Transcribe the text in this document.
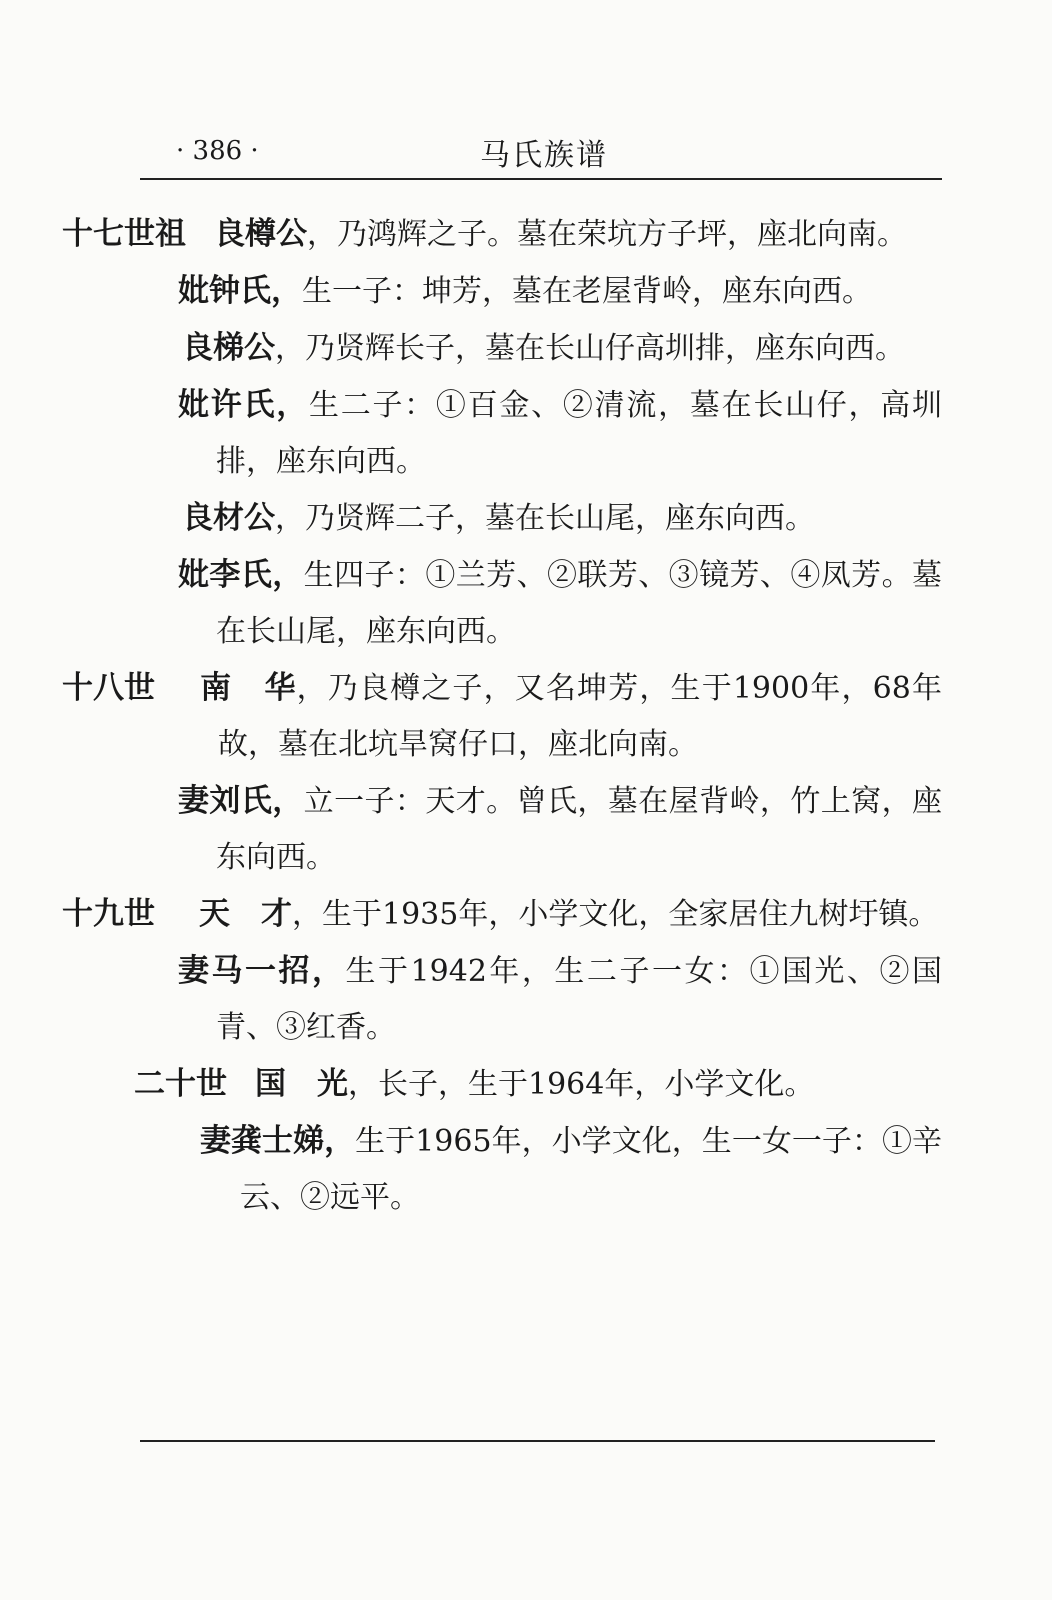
· 386 ·	马氏族谱

十七世祖 良樽公，乃鸿辉之子。墓在荣坑方子坪，座北向南。

妣钟氏，生一子：坤芳，墓在老屋背岭，座东向西。

良梯公，乃贤辉长子，墓在长山仔高圳排，座东向西。

妣许氏，生二子：①百金、②清流，墓在长山仔，高圳排，座东向西。

良材公，乃贤辉二子，墓在长山尾，座东向西。

妣李氏，生四子：①兰芳、②联芳、③镜芳、④凤芳。墓在长山尾，座东向西。

十八世 南　华，乃良樽之子，又名坤芳，生于1900年，68年故，墓在北坑旱窝仔口，座北向南。

妻刘氏，立一子：天才。曾氏，墓在屋背岭，竹上窝，座东向西。

十九世 天　才，生于1935年，小学文化，全家居住九树圩镇。

妻马一招，生于1942年，生二子一女：①国光、②国青、③红香。

二十世 国　光，长子，生于1964年，小学文化。

妻龚士娣，生于1965年，小学文化，生一女一子：①辛云、②远平。
